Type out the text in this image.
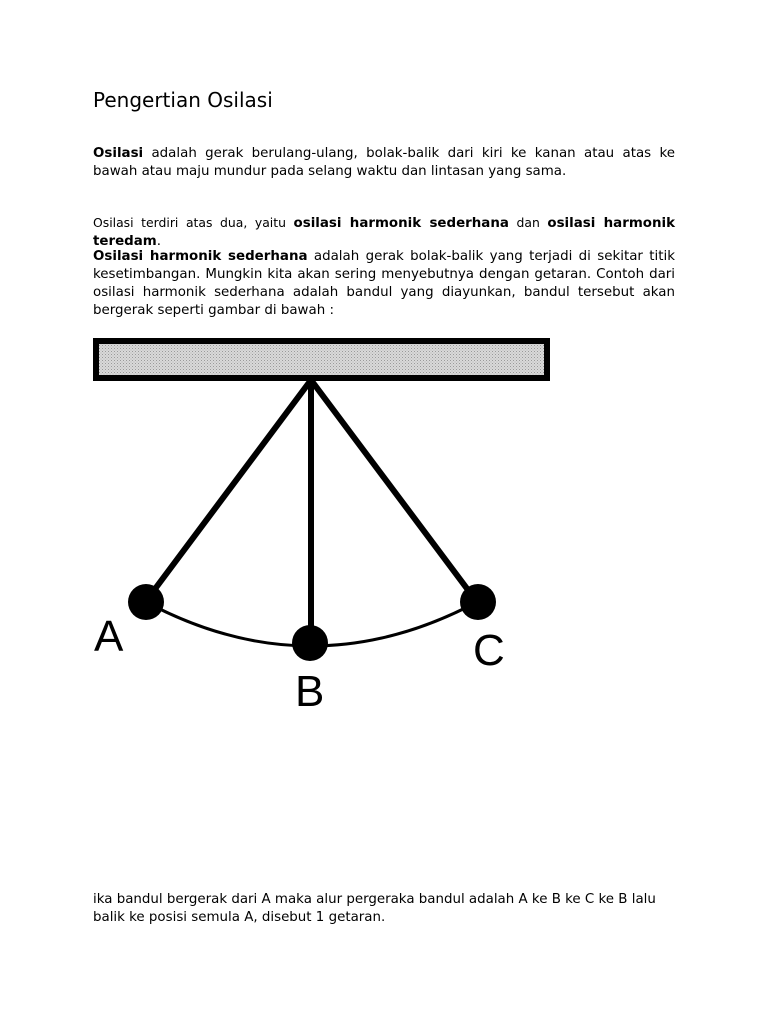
Pengertian Osilasi

Osilasi adalah gerak berulang-ulang, bolak-balik dari kiri ke kanan atau atas ke bawah atau maju mundur pada selang waktu dan lintasan yang sama.

Osilasi terdiri atas dua, yaitu osilasi harmonik sederhana dan osilasi harmonik teredam.

Osilasi harmonik sederhana adalah gerak bolak-balik yang terjadi di sekitar titik kesetimbangan. Mungkin kita akan sering menyebutnya dengan getaran. Contoh dari osilasi harmonik sederhana adalah bandul yang diayunkan, bandul tersebut akan bergerak seperti gambar di bawah :

A
B
C

ika bandul bergerak dari A maka alur pergeraka bandul adalah A ke B ke C ke B lalu balik ke posisi semula A, disebut 1 getaran.
